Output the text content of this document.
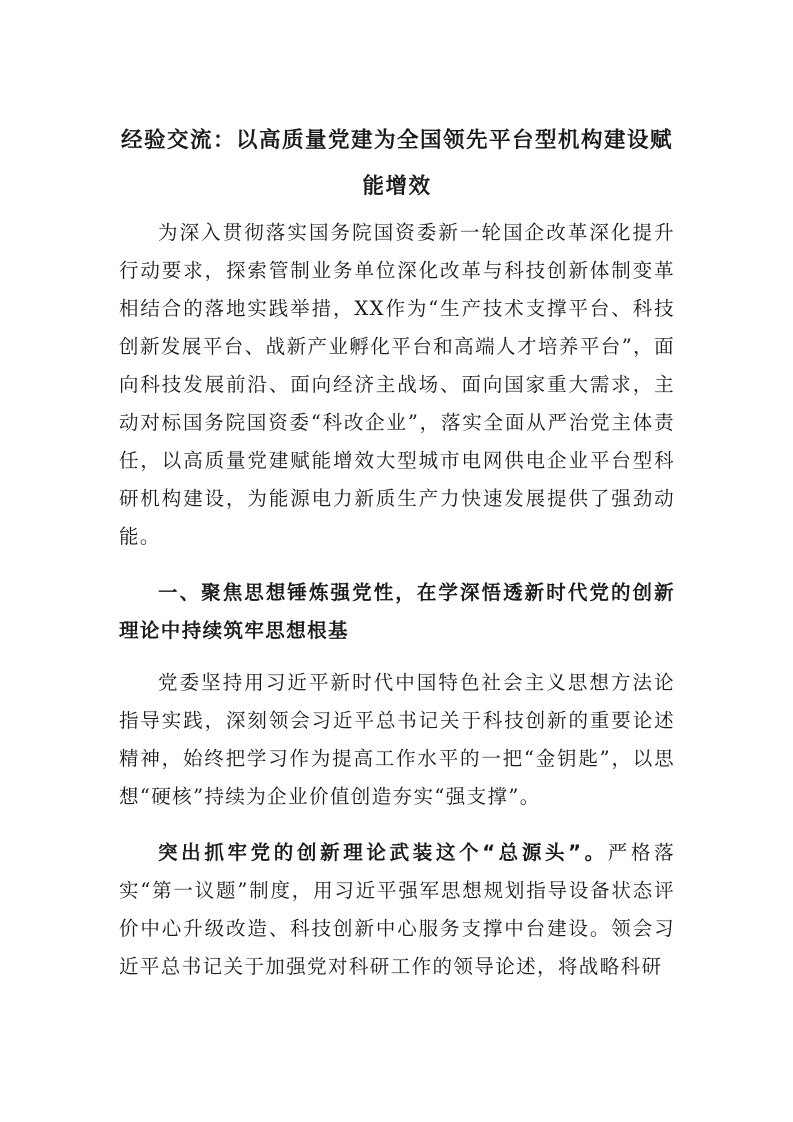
经验交流：以高质量党建为全国领先平台型机构建设赋能增效

为深入贯彻落实国务院国资委新一轮国企改革深化提升行动要求，探索管制业务单位深化改革与科技创新体制变革相结合的落地实践举措，XX作为“生产技术支撑平台、科技创新发展平台、战新产业孵化平台和高端人才培养平台”，面向科技发展前沿、面向经济主战场、面向国家重大需求，主动对标国务院国资委“科改企业”，落实全面从严治党主体责任，以高质量党建赋能增效大型城市电网供电企业平台型科研机构建设，为能源电力新质生产力快速发展提供了强劲动能。

一、聚焦思想锤炼强党性，在学深悟透新时代党的创新理论中持续筑牢思想根基

党委坚持用习近平新时代中国特色社会主义思想方法论指导实践，深刻领会习近平总书记关于科技创新的重要论述精神，始终把学习作为提高工作水平的一把“金钥匙”，以思想“硬核”持续为企业价值创造夯实“强支撑”。

突出抓牢党的创新理论武装这个“总源头”。严格落实“第一议题”制度，用习近平强军思想规划指导设备状态评价中心升级改造、科技创新中心服务支撑中台建设。领会习近平总书记关于加强党对科研工作的领导论述，将战略科研
